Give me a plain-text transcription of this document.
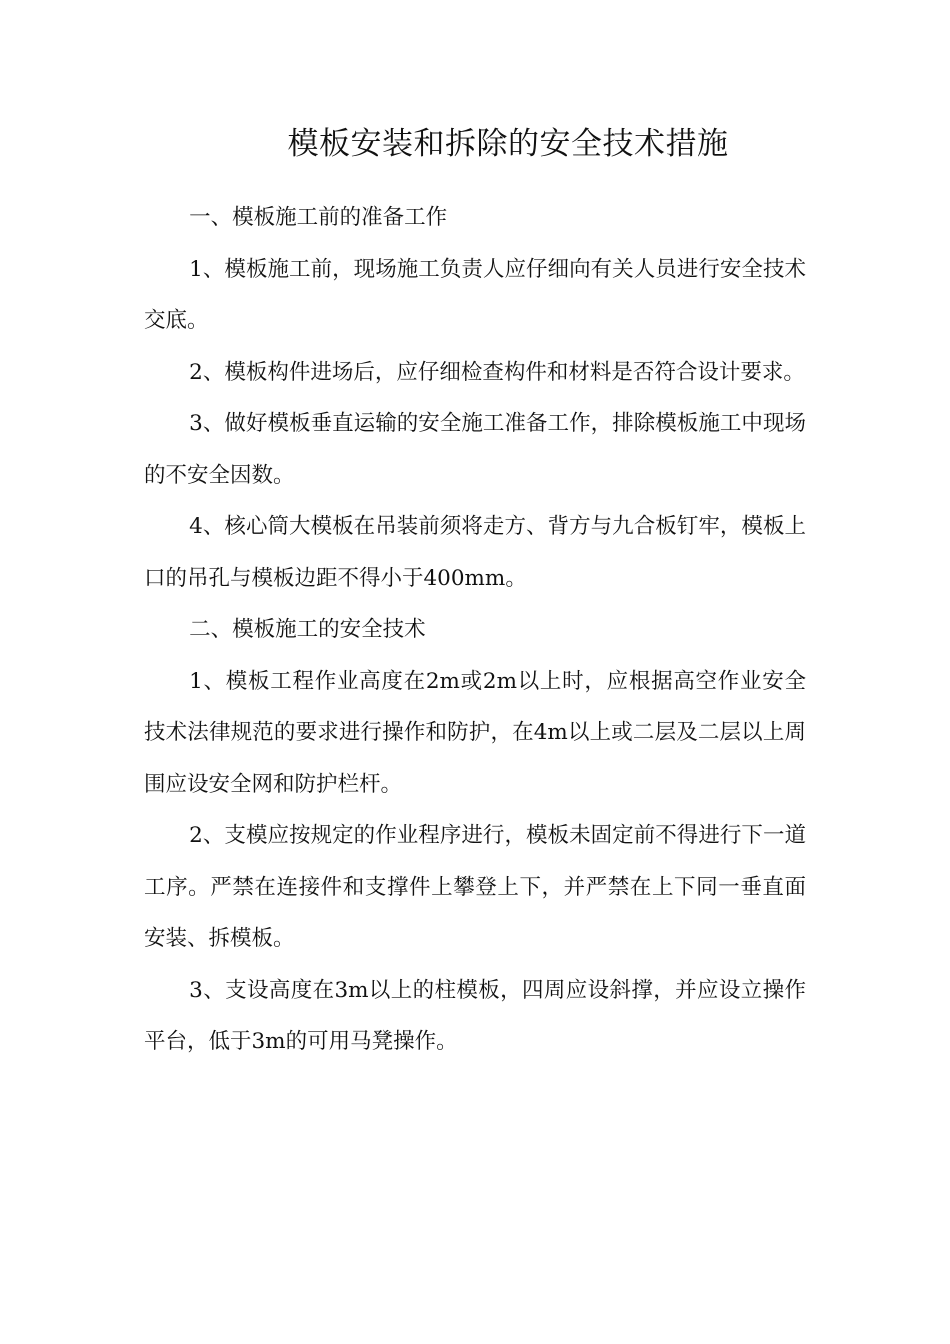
模板安装和拆除的安全技术措施

一、模板施工前的准备工作

1、模板施工前，现场施工负责人应仔细向有关人员进行安全技术交底。

2、模板构件进场后，应仔细检查构件和材料是否符合设计要求。

3、做好模板垂直运输的安全施工准备工作，排除模板施工中现场的不安全因数。

4、核心筒大模板在吊装前须将走方、背方与九合板钉牢，模板上口的吊孔与模板边距不得小于400mm。

二、模板施工的安全技术

1、模板工程作业高度在2m或2m以上时，应根据高空作业安全技术法律规范的要求进行操作和防护，在4m以上或二层及二层以上周围应设安全网和防护栏杆。

2、支模应按规定的作业程序进行，模板未固定前不得进行下一道工序。严禁在连接件和支撑件上攀登上下，并严禁在上下同一垂直面安装、拆模板。

3、支设高度在3m以上的柱模板，四周应设斜撑，并应设立操作平台，低于3m的可用马凳操作。
